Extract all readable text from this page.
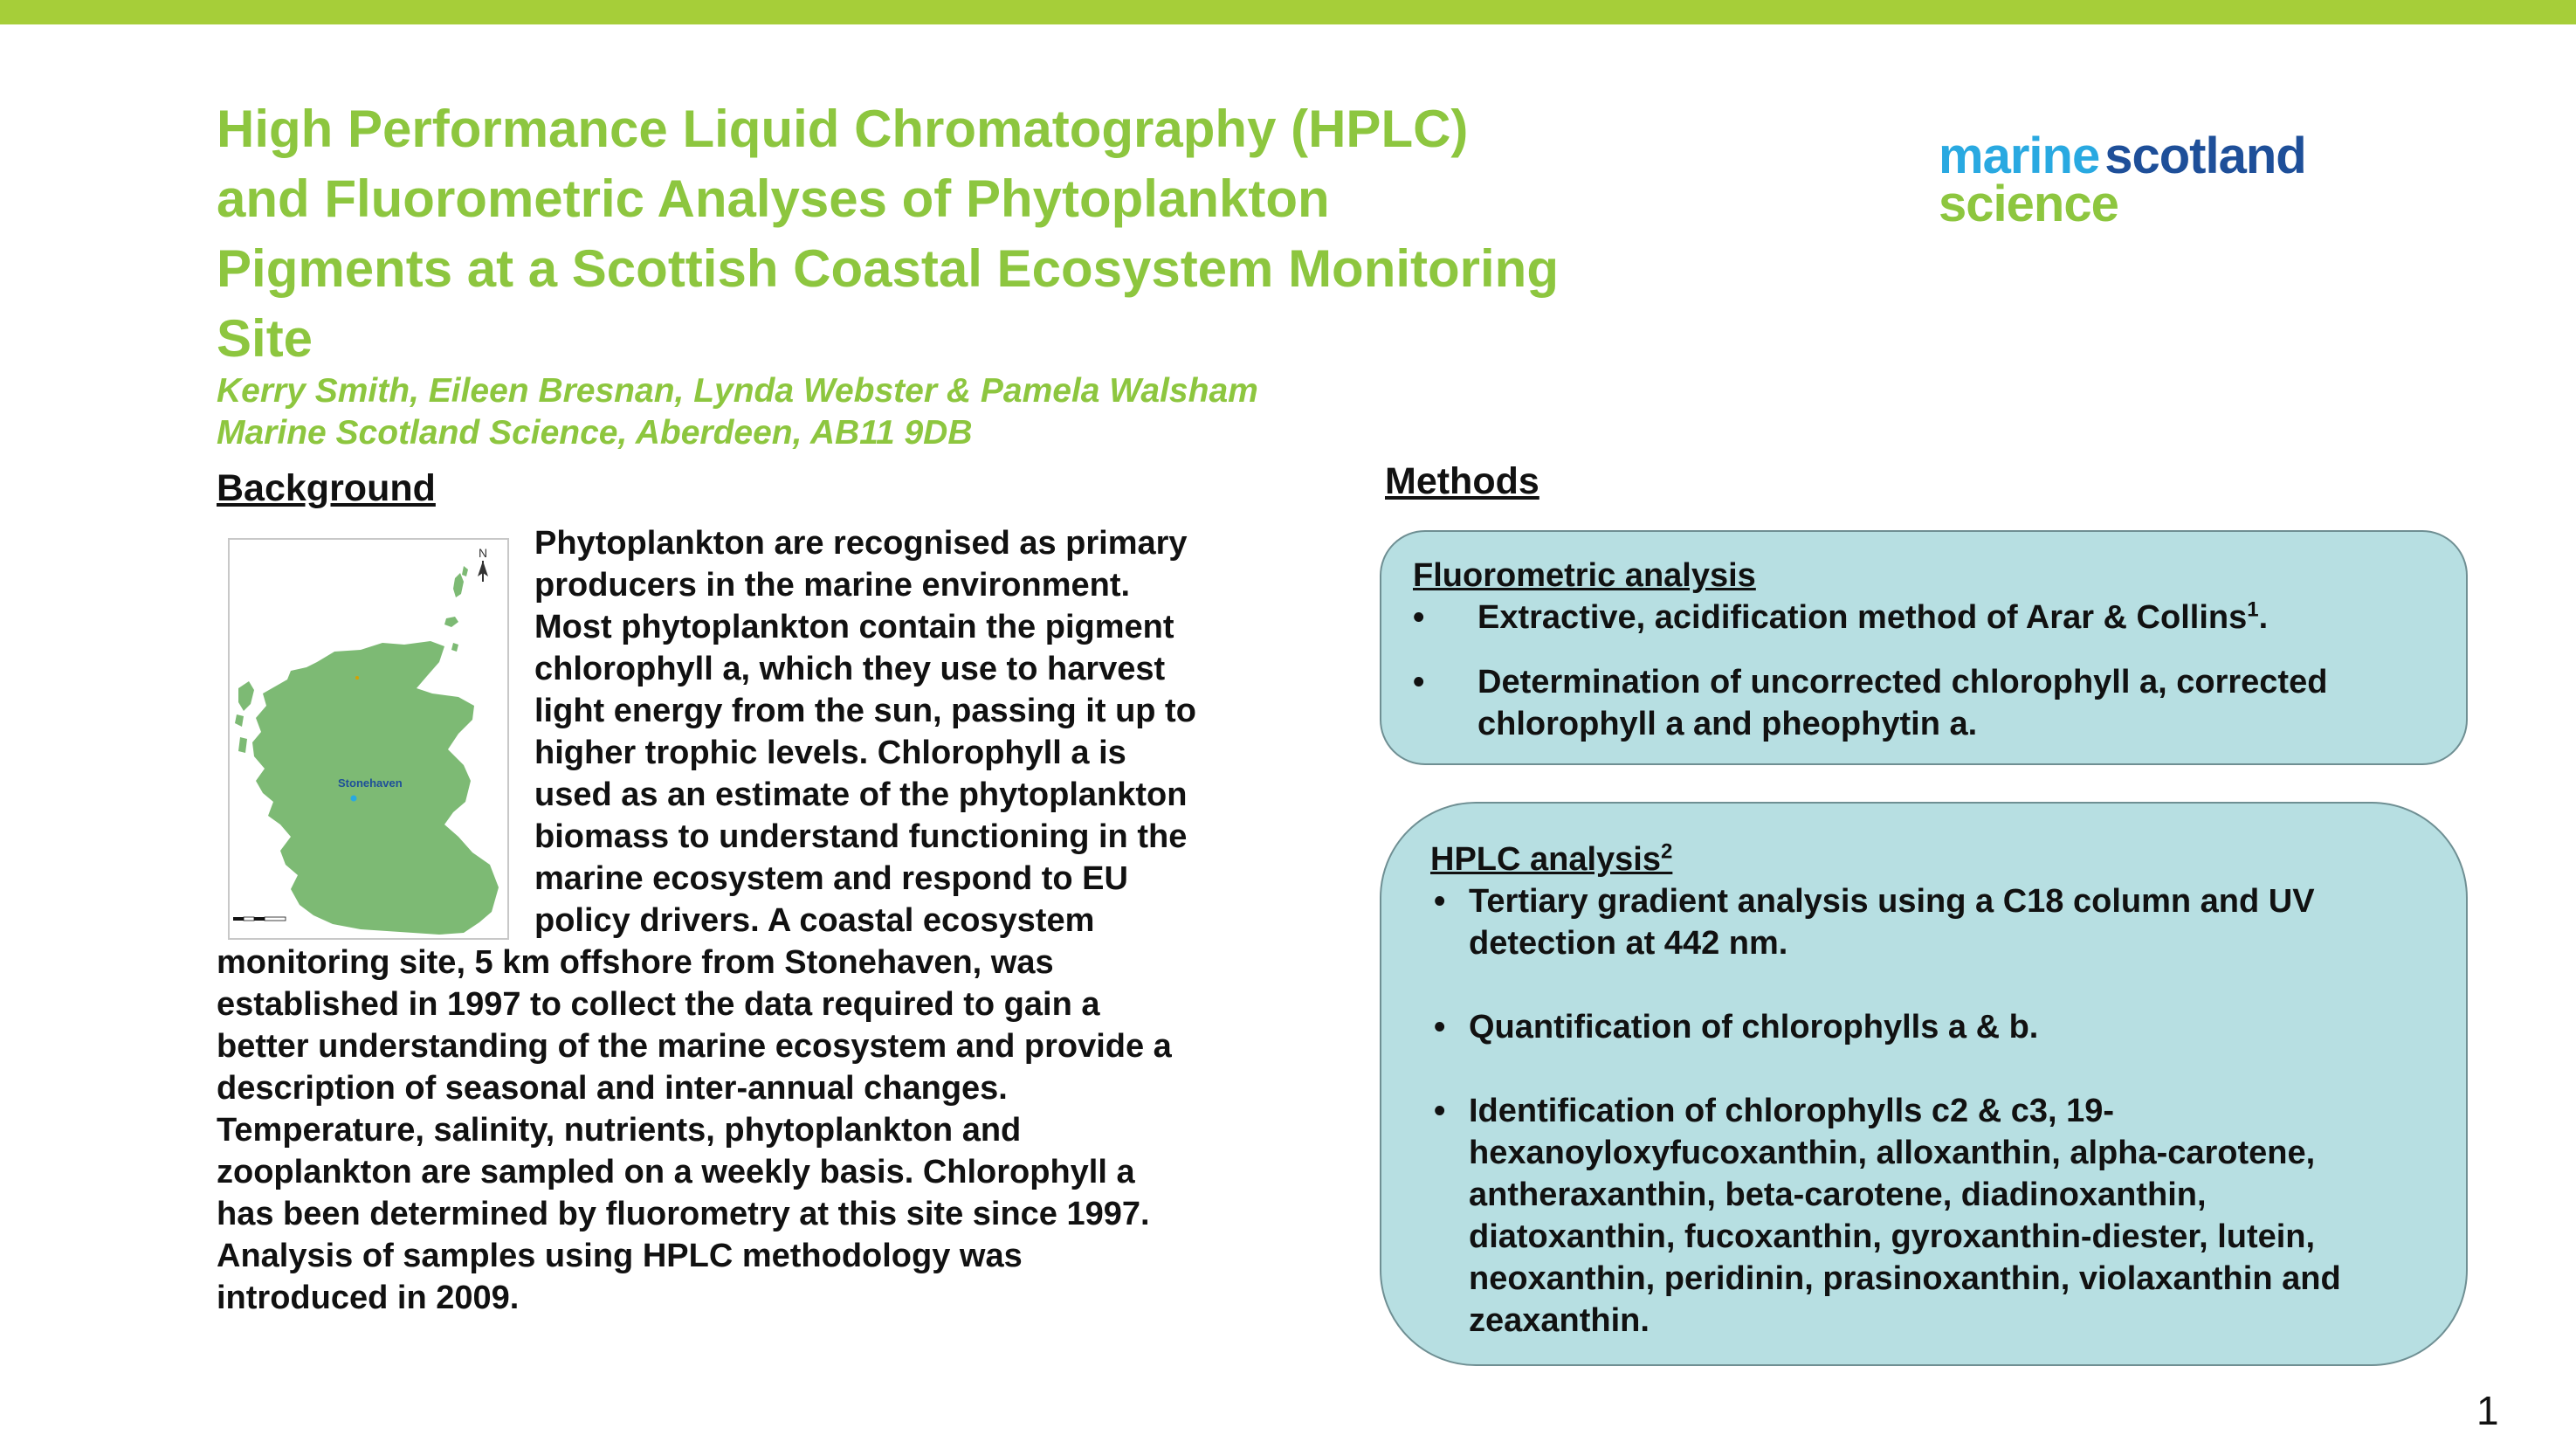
High Performance Liquid Chromatography (HPLC)
and Fluorometric Analyses of Phytoplankton
Pigments at a Scottish Coastal Ecosystem Monitoring
Site
Kerry Smith, Eileen Bresnan, Lynda Webster & Pamela Walsham
Marine Scotland Science, Aberdeen, AB11 9DB
marine scotland
science
Background	Methods
N
Stonehaven
Phytoplankton are recognised as primary
producers in the marine environment.
Most phytoplankton contain the pigment
chlorophyll a, which they use to harvest
light energy from the sun, passing it up to
higher trophic levels. Chlorophyll a is
used as an estimate of the phytoplankton
biomass to understand functioning in the
marine ecosystem and respond to EU
policy drivers. A coastal ecosystem
monitoring site, 5 km offshore from Stonehaven, was
established in 1997 to collect the data required to gain a
better understanding of the marine ecosystem and provide a
description of seasonal and inter-annual changes.
Temperature, salinity, nutrients, phytoplankton and
zooplankton are sampled on a weekly basis. Chlorophyll a
has been determined by fluorometry at this site since 1997.
Analysis of samples using HPLC methodology was
introduced in 2009.
Fluorometric analysis
• Extractive, acidification method of Arar & Collins$^1$.
• Determination of uncorrected chlorophyll a, corrected
chlorophyll a and pheophytin a.
HPLC analysis$^2$
• Tertiary gradient analysis using a C18 column and UV
detection at 442 nm.
• Quantification of chlorophylls a & b.
• Identification of chlorophylls c2 & c3, 19-
hexanoyloxyfucoxanthin, alloxanthin, alpha-carotene,
antheraxanthin, beta-carotene, diadinoxanthin,
diatoxanthin, fucoxanthin, gyroxanthin-diester, lutein,
neoxanthin, peridinin, prasinoxanthin, violaxanthin and
zeaxanthin.
1
